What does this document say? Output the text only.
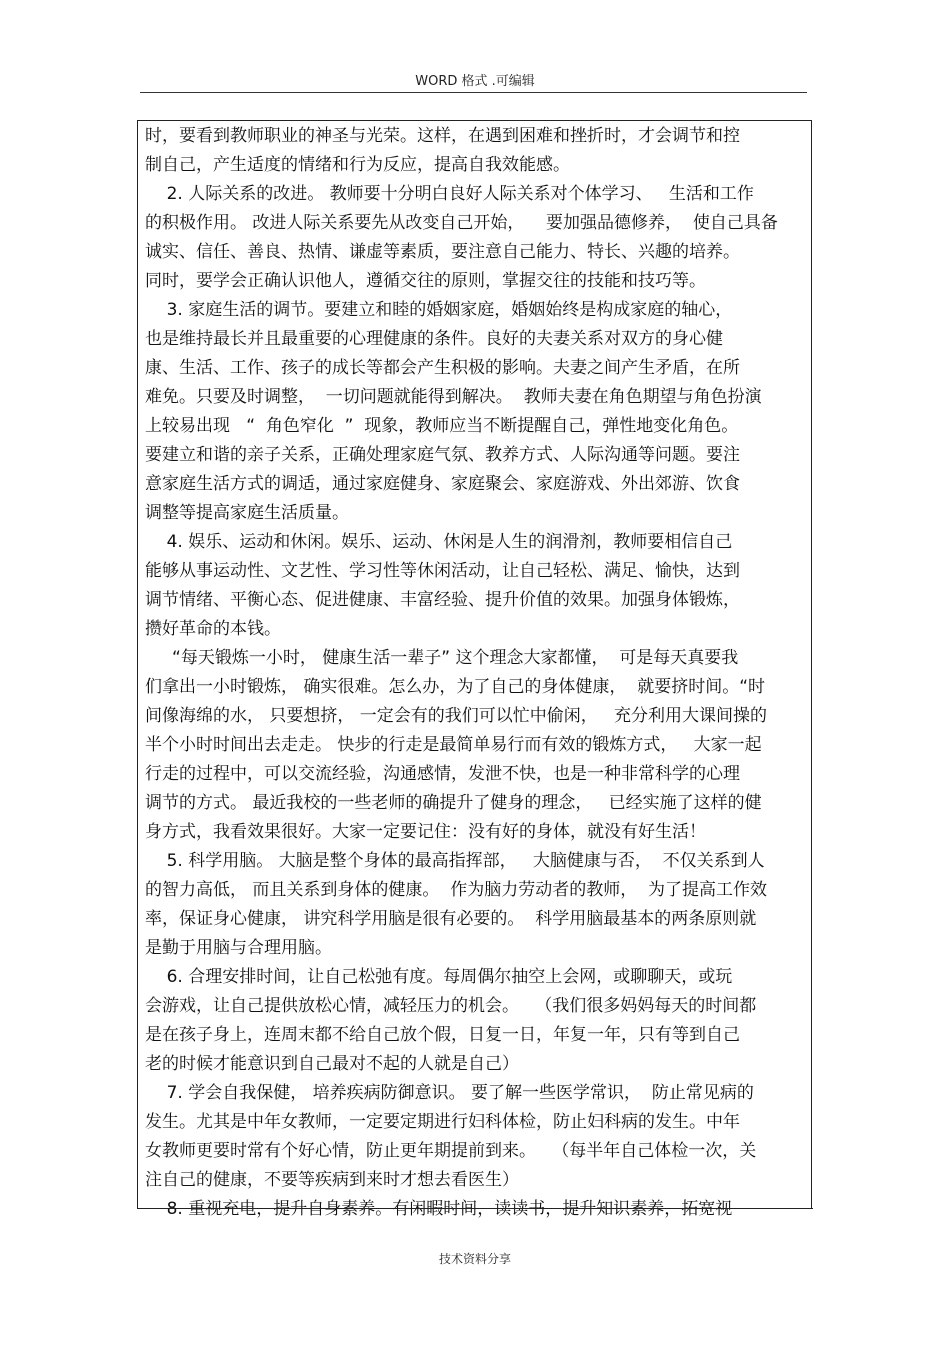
WORD 格式 .可编辑
时，要看到教师职业的神圣与光荣。这样，在遇到困难和挫折时，才会调节和控
制自己，产生适度的情绪和行为反应，提高自我效能感。
2. 人际关系的改进。 教师要十分明白良好人际关系对个体学习、   生活和工作
的积极作用。 改进人际关系要先从改变自己开始，    要加强品德修养，  使自己具备
诚实、信任、善良、热情、谦虚等素质，要注意自己能力、特长、兴趣的培养。
同时，要学会正确认识他人，遵循交往的原则，掌握交往的技能和技巧等。
3. 家庭生活的调节。要建立和睦的婚姻家庭，婚姻始终是构成家庭的轴心，
也是维持最长并且最重要的心理健康的条件。良好的夫妻关系对双方的身心健
康、生活、工作、孩子的成长等都会产生积极的影响。夫妻之间产生矛盾，在所
难免。只要及时调整，  一切问题就能得到解决。  教师夫妻在角色期望与角色扮演
上较易出现   “  角色窄化  ”  现象，教师应当不断提醒自己，弹性地变化角色。
要建立和谐的亲子关系，正确处理家庭气氛、教养方式、人际沟通等问题。要注
意家庭生活方式的调适，通过家庭健身、家庭聚会、家庭游戏、外出郊游、饮食
调整等提高家庭生活质量。
4. 娱乐、运动和休闲。娱乐、运动、休闲是人生的润滑剂，教师要相信自己
能够从事运动性、文艺性、学习性等休闲活动，让自己轻松、满足、愉快，达到
调节情绪、平衡心态、促进健康、丰富经验、提升价值的效果。加强身体锻炼，
攒好革命的本钱。
“每天锻炼一小时， 健康生活一辈子” 这个理念大家都懂，  可是每天真要我
们拿出一小时锻炼， 确实很难。怎么办，为了自己的身体健康，  就要挤时间。“时
间像海绵的水， 只要想挤， 一定会有的我们可以忙中偷闲，   充分利用大课间操的
半个小时时间出去走走。 快步的行走是最简单易行而有效的锻炼方式，   大家一起
行走的过程中，可以交流经验，沟通感情，发泄不快，也是一种非常科学的心理
调节的方式。 最近我校的一些老师的确提升了健身的理念，   已经实施了这样的健
身方式，我看效果很好。大家一定要记住：没有好的身体，就没有好生活！
5. 科学用脑。 大脑是整个身体的最高指挥部，   大脑健康与否，  不仅关系到人
的智力高低， 而且关系到身体的健康。  作为脑力劳动者的教师，  为了提高工作效
率，保证身心健康， 讲究科学用脑是很有必要的。  科学用脑最基本的两条原则就
是勤于用脑与合理用脑。
6. 合理安排时间，让自己松弛有度。每周偶尔抽空上会网，或聊聊天，或玩
会游戏，让自己提供放松心情，减轻压力的机会。   （我们很多妈妈每天的时间都
是在孩子身上，连周末都不给自己放个假，日复一日，年复一年，只有等到自己
老的时候才能意识到自己最对不起的人就是自己）
7. 学会自我保健， 培养疾病防御意识。 要了解一些医学常识，  防止常见病的
发生。尤其是中年女教师，一定要定期进行妇科体检，防止妇科病的发生。中年
女教师更要时常有个好心情，防止更年期提前到来。   （每半年自己体检一次，关
注自己的健康，不要等疾病到来时才想去看医生）
8. 重视充电，提升自身素养。有闲暇时间，读读书，提升知识素养，拓宽视
技术资料分享
